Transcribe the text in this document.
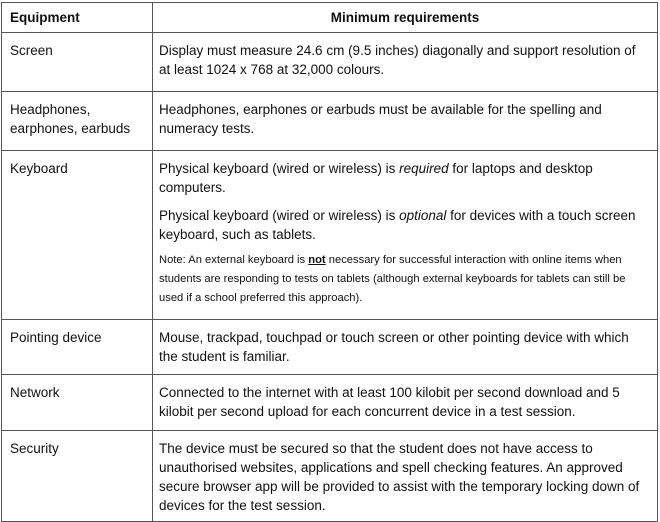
Equipment	Minimum requirements
Screen	Display must measure 24.6 cm (9.5 inches) diagonally and support resolution of at least 1024 x 768 at 32,000 colours.

Headphones, earphones, earbuds	Headphones, earphones or earbuds must be available for the spelling and numeracy tests.

Keyboard	Physical keyboard (wired or wireless) is required for laptops and desktop computers.

Physical keyboard (wired or wireless) is optional for devices with a touch screen keyboard, such as tablets.

Note: An external keyboard is not necessary for successful interaction with online items when students are responding to tests on tablets (although external keyboards for tablets can still be used if a school preferred this approach).

Pointing device	Mouse, trackpad, touchpad or touch screen or other pointing device with which the student is familiar.

Network	Connected to the internet with at least 100 kilobit per second download and 5 kilobit per second upload for each concurrent device in a test session.

Security	The device must be secured so that the student does not have access to unauthorised websites, applications and spell checking features. An approved secure browser app will be provided to assist with the temporary locking down of devices for the test session.
